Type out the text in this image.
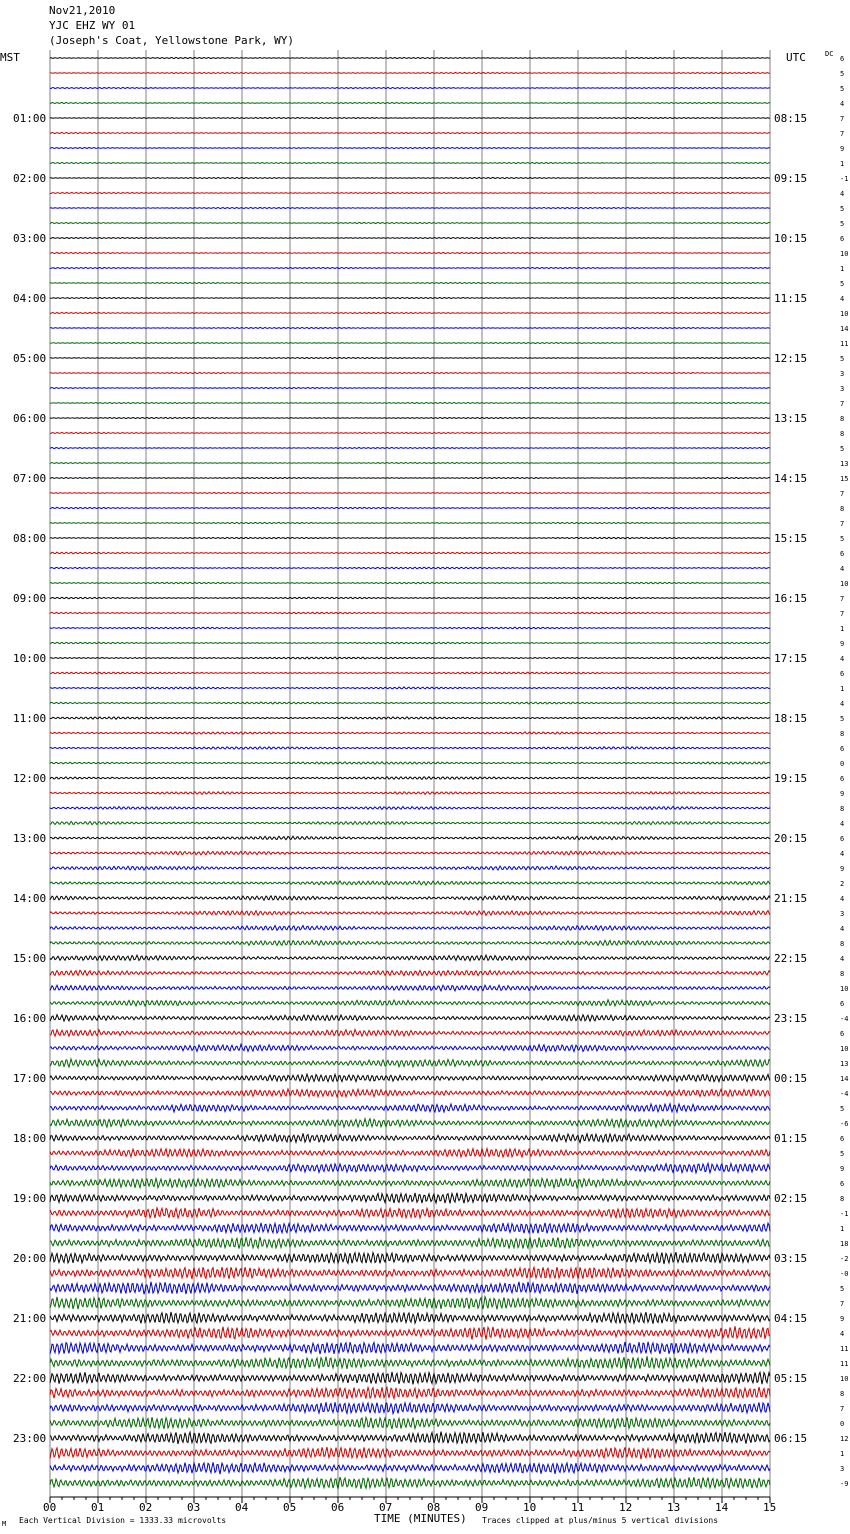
Nov21,2010
YJC EHZ WY 01
(Joseph's Coat, Yellowstone Park, WY)
6
5
5
4
7
7
9
1
-1
4
5
5
6
10
1
5
4
10
14
11
5
3
3
7
8
8
5
13
15
7
8
7
5
6
4
10
7
7
1
9
4
6
1
4
5
8
6
0
6
9
8
4
6
4
9
2
4
3
4
8
4
8
10
6
-4
6
10
13
14
-4
5
-6
6
5
9
6
8
-1
1
18
-2
-0
5
7
9
4
11
11
10
8
7
0
12
1
3
-9
01:00
02:00
03:00
04:00
05:00
06:00
07:00
08:00
09:00
10:00
11:00
12:00
13:00
14:00
15:00
16:00
17:00
18:00
19:00
20:00
21:00
22:00
23:00
08:15
09:15
10:15
11:15
12:15
13:15
14:15
15:15
16:15
17:15
18:15
19:15
20:15
21:15
22:15
23:15
00:15
01:15
02:15
03:15
04:15
05:15
06:15
MST	UTC	DC
00	01	02	03	04	05	06	07	08	09	10	11	12	13	14	15
Each Vertical Division = 1333.33 microvolts	TIME (MINUTES) Traces clipped at plus/minus 5 vertical divisions
M
